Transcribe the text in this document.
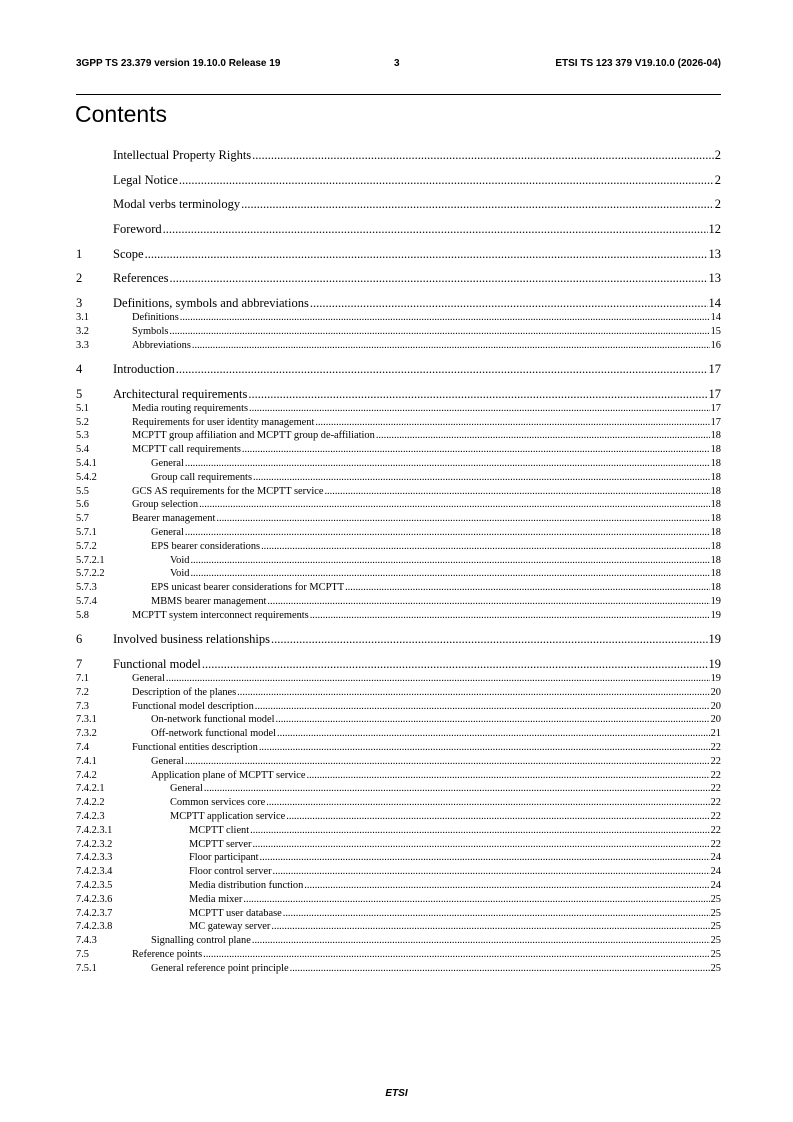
3GPP TS 23.379 version 19.10.0 Release 19	3	ETSI TS 123 379 V19.10.0 (2026-04)
Contents
Intellectual Property Rights .....	2
Legal Notice .....	2
Modal verbs terminology .....	2
Foreword .....	12
1	Scope .....	13
2	References .....	13
3	Definitions, symbols and abbreviations .....	14
3.1	Definitions .....	14
3.2	Symbols .....	15
3.3	Abbreviations .....	16
4	Introduction .....	17
5	Architectural requirements .....	17
5.1	Media routing requirements .....	17
5.2	Requirements for user identity management .....	17
5.3	MCPTT group affiliation and MCPTT group de-affiliation .....	18
5.4	MCPTT call requirements .....	18
5.4.1	General .....	18
5.4.2	Group call requirements .....	18
5.5	GCS AS requirements for the MCPTT service .....	18
5.6	Group selection .....	18
5.7	Bearer management .....	18
5.7.1	General .....	18
5.7.2	EPS bearer considerations .....	18
5.7.2.1	Void .....	18
5.7.2.2	Void .....	18
5.7.3	EPS unicast bearer considerations for MCPTT .....	18
5.7.4	MBMS bearer management .....	19
5.8	MCPTT system interconnect requirements .....	19
6	Involved business relationships .....	19
7	Functional model .....	19
7.1	General .....	19
7.2	Description of the planes .....	20
7.3	Functional model description .....	20
7.3.1	On-network functional model .....	20
7.3.2	Off-network functional model .....	21
7.4	Functional entities description .....	22
7.4.1	General .....	22
7.4.2	Application plane of MCPTT service .....	22
7.4.2.1	General .....	22
7.4.2.2	Common services core .....	22
7.4.2.3	MCPTT application service .....	22
7.4.2.3.1	MCPTT client .....	22
7.4.2.3.2	MCPTT server .....	22
7.4.2.3.3	Floor participant .....	24
7.4.2.3.4	Floor control server .....	24
7.4.2.3.5	Media distribution function .....	24
7.4.2.3.6	Media mixer .....	25
7.4.2.3.7	MCPTT user database .....	25
7.4.2.3.8	MC gateway server .....	25
7.4.3	Signalling control plane .....	25
7.5	Reference points .....	25
7.5.1	General reference point principle .....	25
ETSI
